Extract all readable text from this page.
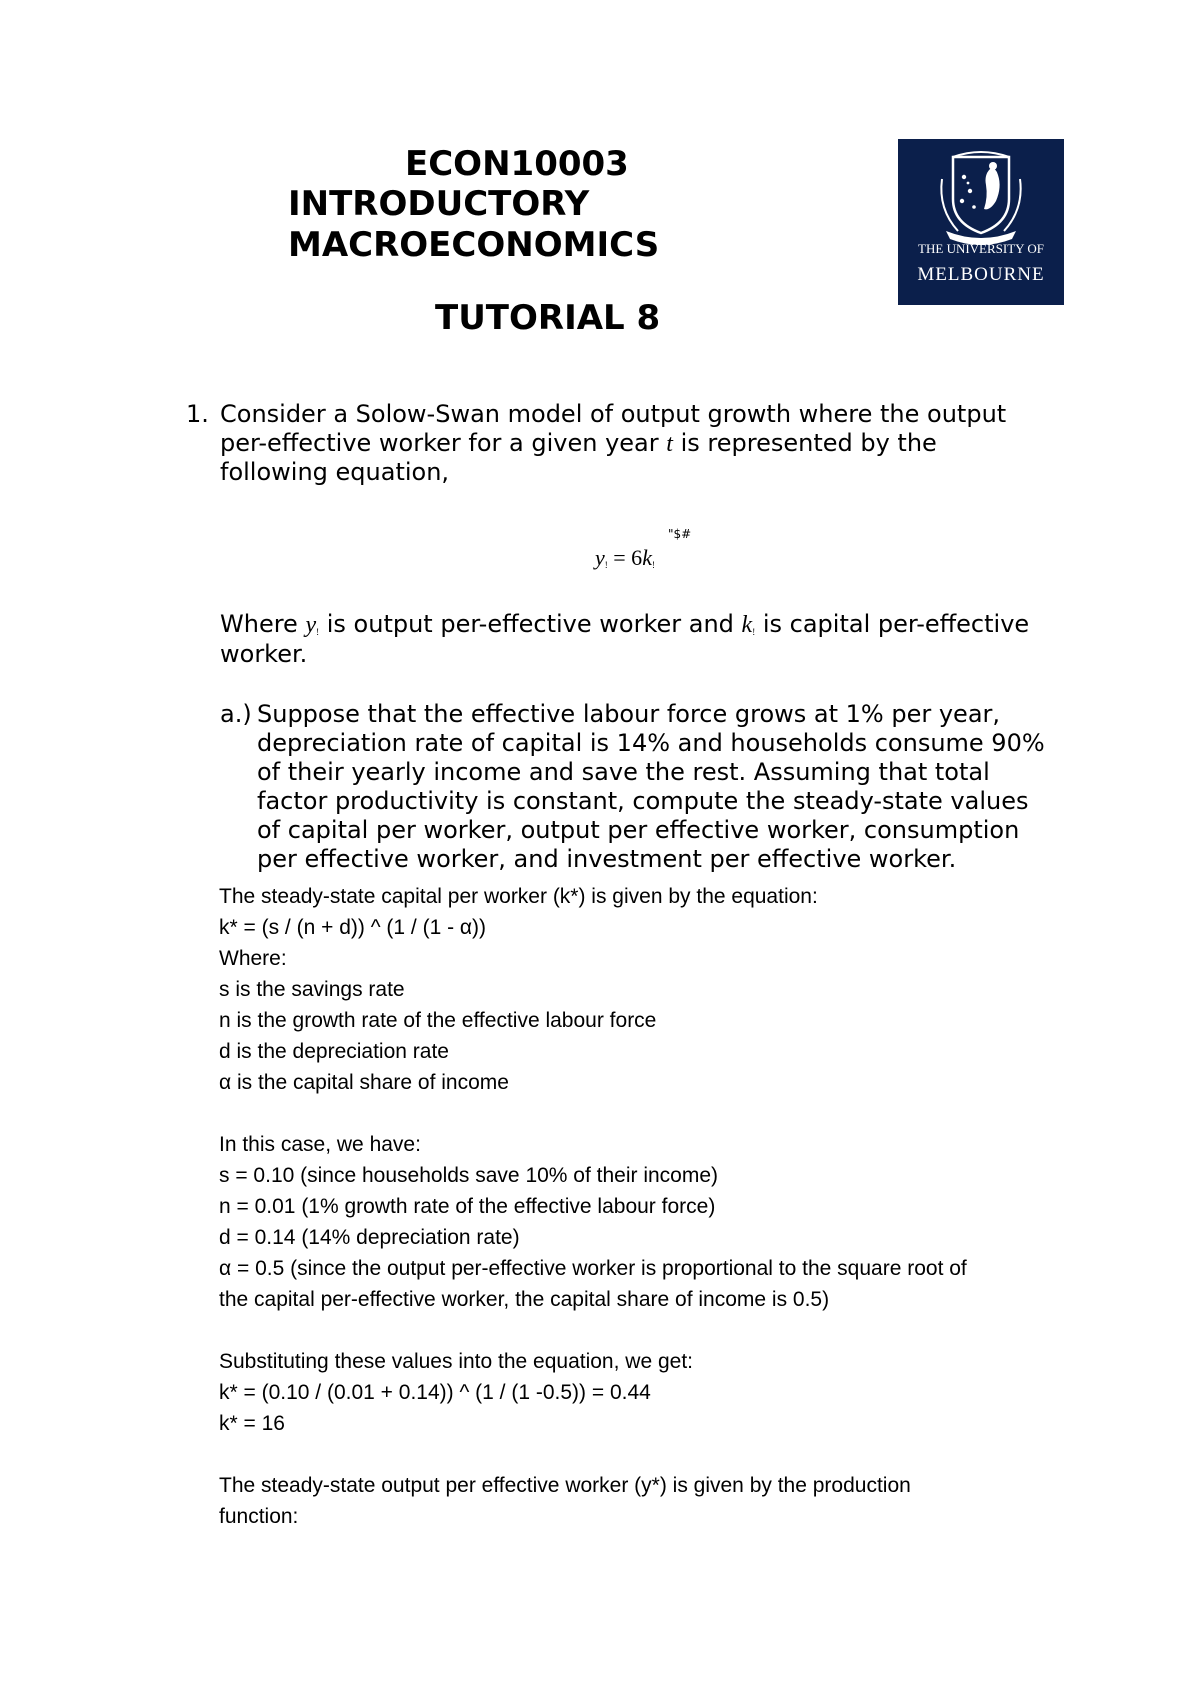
ECON10003
INTRODUCTORY
MACROECONOMICS
TUTORIAL 8
THE UNIVERSITY OF
MELBOURNE
1. Consider a Solow-Swan model of output growth where the output
per-effective worker for a given year t is represented by the
following equation,
"$#
$y_! = 6k_!$
Where $y_!$ is output per-effective worker and $k_!$ is capital per-effective
worker.
a.) Suppose that the effective labour force grows at 1% per year,
depreciation rate of capital is 14% and households consume 90%
of their yearly income and save the rest. Assuming that total
factor productivity is constant, compute the steady-state values
of capital per worker, output per effective worker, consumption
per effective worker, and investment per effective worker.

The steady-state capital per worker (k*) is given by the equation:

k* = (s / (n + d)) ^ (1 / (1 - α))

Where:

s is the savings rate

n is the growth rate of the effective labour force

d is the depreciation rate

α is the capital share of income

In this case, we have:

s = 0.10 (since households save 10% of their income)

n = 0.01 (1% growth rate of the effective labour force)

d = 0.14 (14% depreciation rate)

α = 0.5 (since the output per-effective worker is proportional to the square root of

the capital per-effective worker, the capital share of income is 0.5)

Substituting these values into the equation, we get:

k* = (0.10 / (0.01 + 0.14)) ^ (1 / (1 -0.5)) = 0.44

k* = 16

The steady-state output per effective worker (y*) is given by the production

function:
